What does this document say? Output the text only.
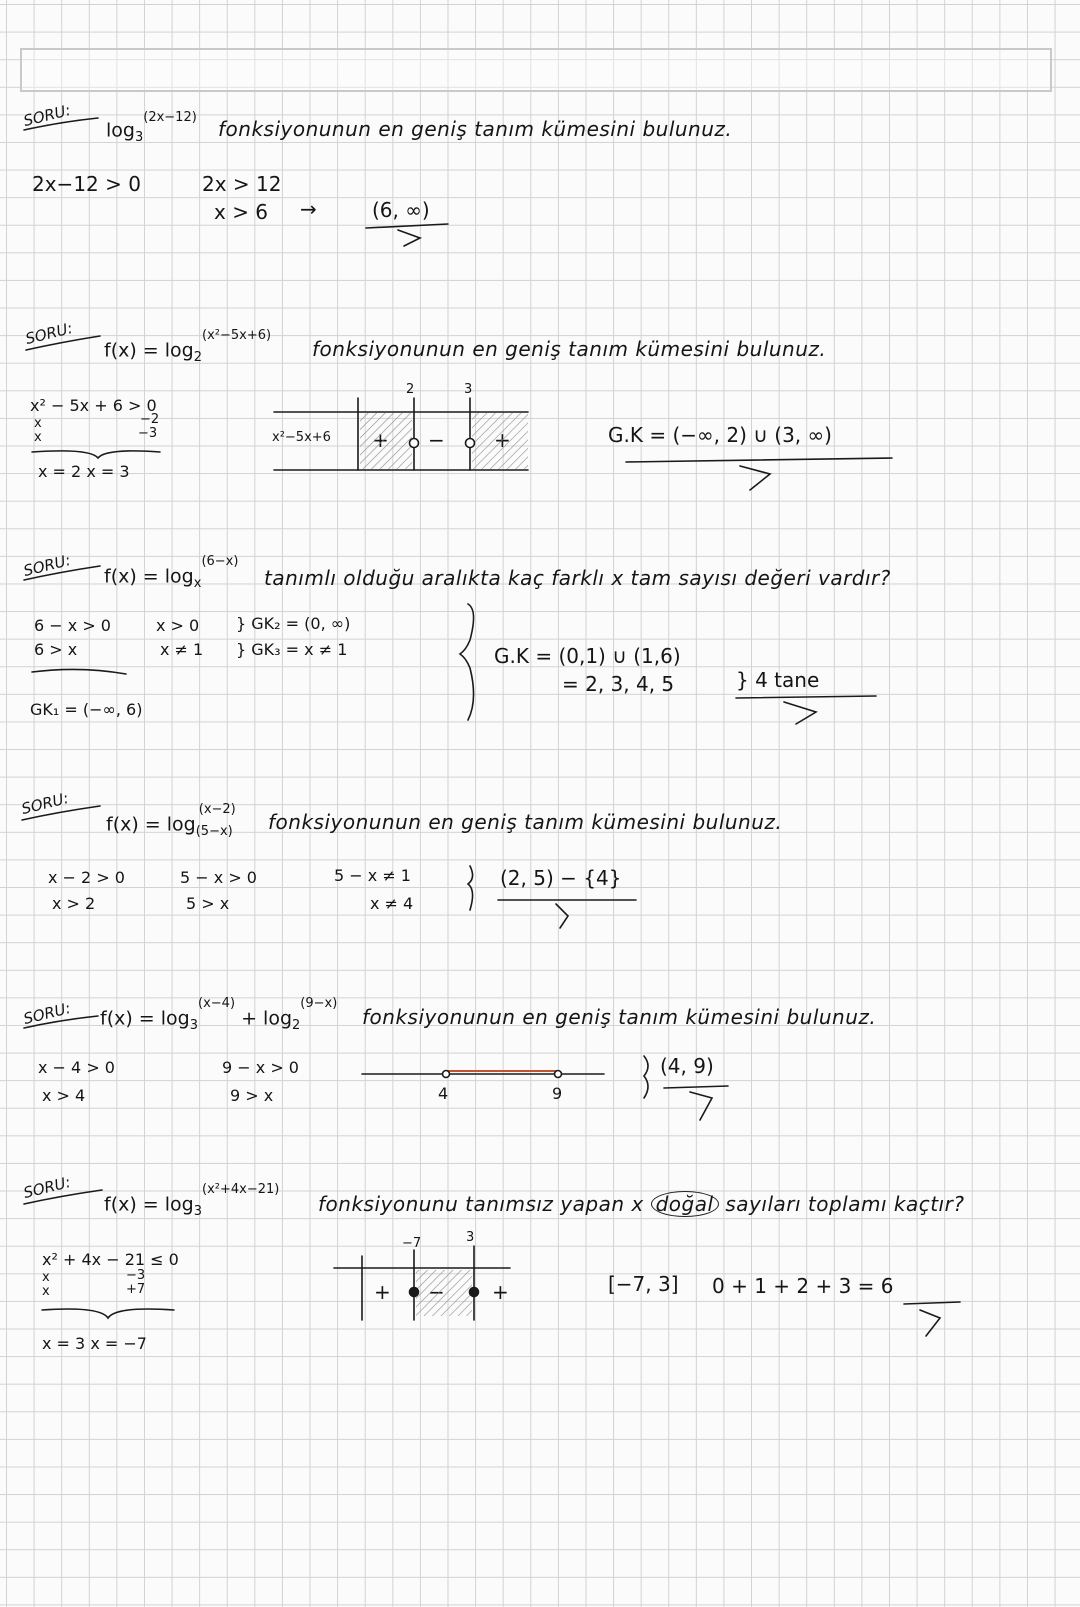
SORU:
$\log_3^{(2x-12)}$ fonksiyonunun en geniş tanım kümesini bulunuz.
2x−12 > 0	2x > 12
x > 6 →	(6, ∞)
SORU:
$f(x) = \log_2^{(x^2-5x+6)}$
fonksiyonunun en geniş tanım kümesini bulunuz.
x² − 5x + 6 > 0
x	−2
x	−3
x = 2 x = 3
x²−5x+6
2	3
−	G.K = (−∞, 2) ∪ (3, ∞)
SORU: $f(x) = \log_x^{(6-x)}$
tanımlı olduğu aralıkta kaç farklı x tam sayısı değeri vardır?
6 − x > 0
6 > x
x > 0
x ≠ 1
} GK₂ = (0, ∞)
} GK₃ = x ≠ 1
GK₁ = (−∞, 6)
G.K = (0,1) ∪ (1,6)
= 2, 3, 4, 5	} 4 tane
SORU:
$f(x) = \log_{(5-x)}^{(x-2)}$
fonksiyonunun en geniş tanım kümesini bulunuz.
x − 2 > 0
x > 2
5 − x > 0
5 > x
5 − x ≠ 1
x ≠ 4
(2, 5) − {4}
SORU: $f(x) = \log_3^{(x-4)} + \log_2^{(9-x)}$
fonksiyonunun en geniş tanım kümesini bulunuz.
x − 4 > 0
x > 4
9 − x > 0
9 > x	4	9
(4, 9)
SORU:
$f(x) = \log_3^{(x^2+4x-21)}$
fonksiyonunu tanımsız yapan x doğal sayıları toplamı kaçtır?
x² + 4x − 21 ≤ 0
x	−3
x	+7
x = 3 x = −7
−7	3
+	+	[−7, 3] 0 + 1 + 2 + 3 = 6
